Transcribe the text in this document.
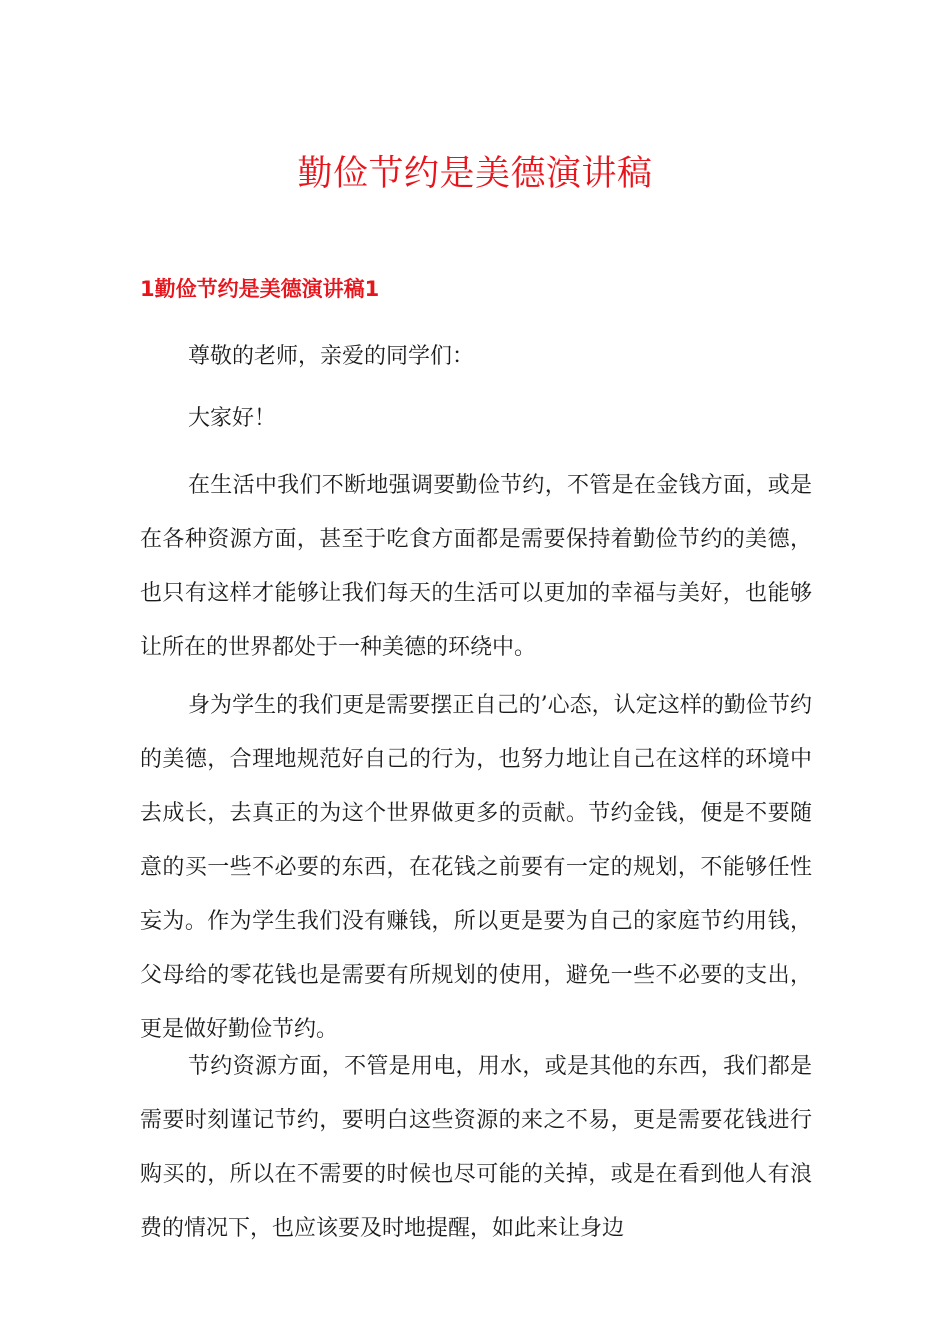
勤俭节约是美德演讲稿
1勤俭节约是美德演讲稿1

尊敬的老师，亲爱的同学们：

大家好！

在生活中我们不断地强调要勤俭节约，不管是在金钱方面，或是在各种资源方面，甚至于吃食方面都是需要保持着勤俭节约的美德，也只有这样才能够让我们每天的生活可以更加的幸福与美好，也能够让所在的世界都处于一种美德的环绕中。

身为学生的我们更是需要摆正自己的’心态，认定这样的勤俭节约的美德，合理地规范好自己的行为，也努力地让自己在这样的环境中去成长，去真正的为这个世界做更多的贡献。节约金钱，便是不要随意的买一些不必要的东西，在花钱之前要有一定的规划，不能够任性妄为。作为学生我们没有赚钱，所以更是要为自己的家庭节约用钱，父母给的零花钱也是需要有所规划的使用，避免一些不必要的支出，更是做好勤俭节约。

节约资源方面，不管是用电，用水，或是其他的东西，我们都是需要时刻谨记节约，要明白这些资源的来之不易，更是需要花钱进行购买的，所以在不需要的时候也尽可能的关掉，或是在看到他人有浪费的情况下，也应该要及时地提醒，如此来让身边
